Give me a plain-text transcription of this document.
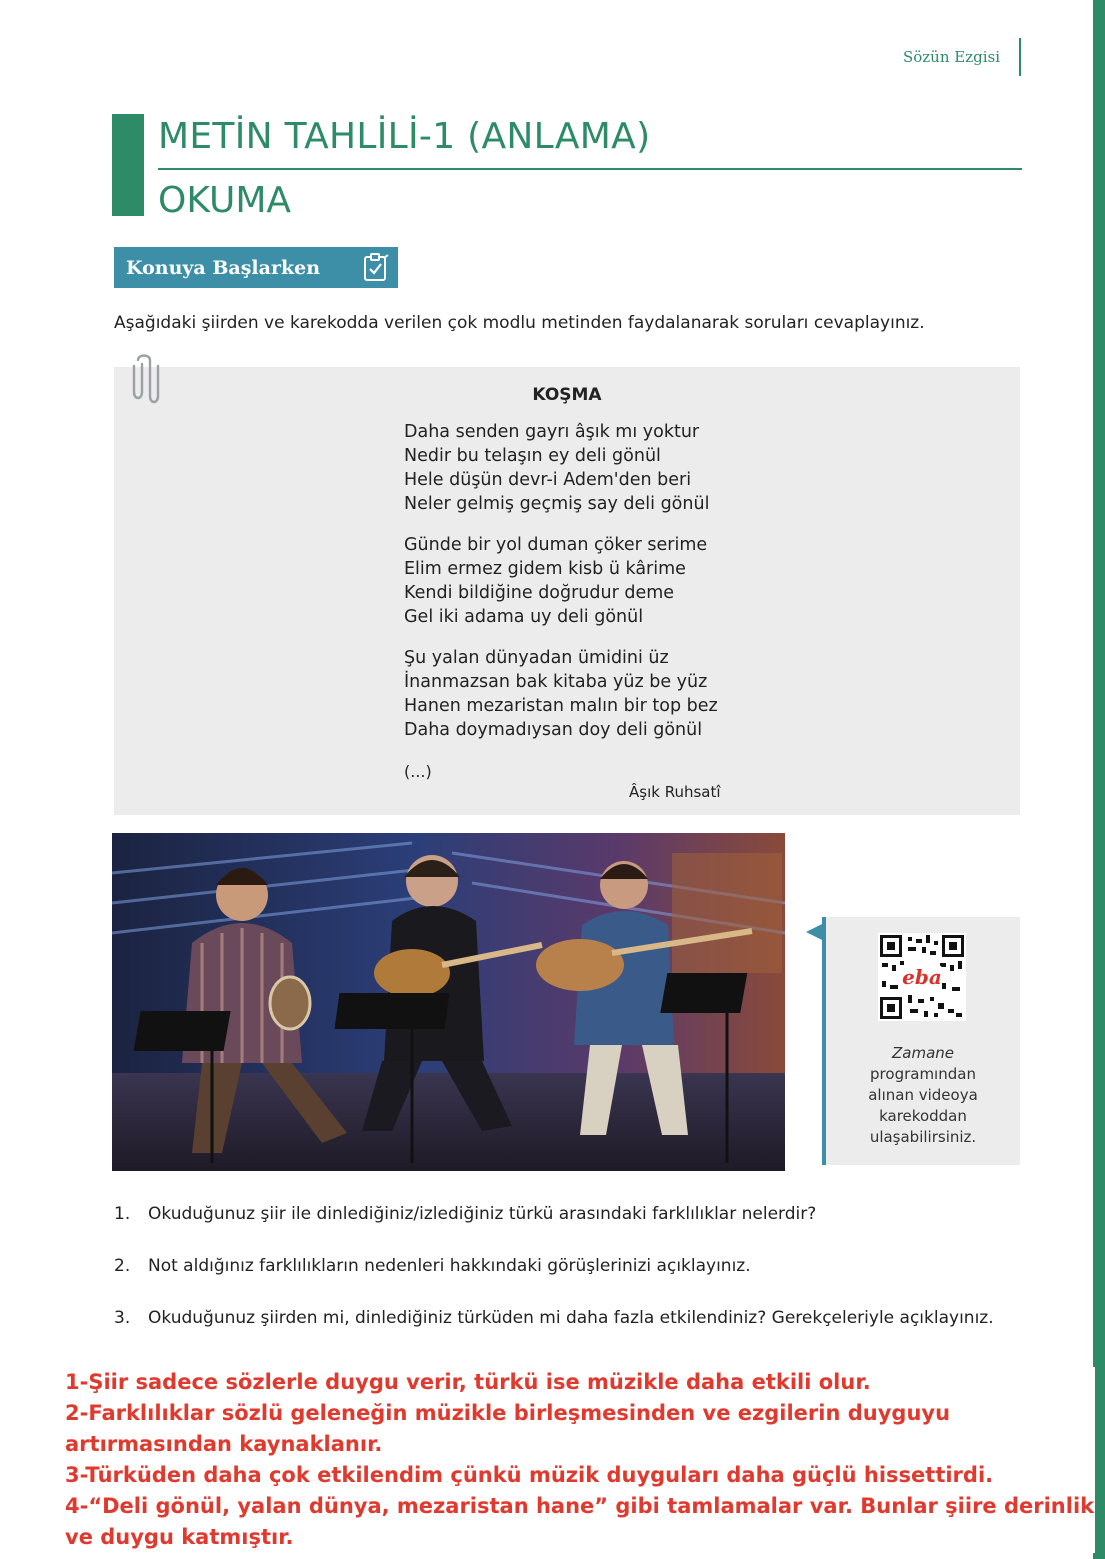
Sözün Ezgisi
METİN TAHLİLİ-1 (ANLAMA)
OKUMA
Konuya Başlarken
Aşağıdaki şiirden ve karekodda verilen çok modlu metinden faydalanarak soruları cevaplayınız.
KOŞMA
Daha senden gayrı âşık mı yoktur
Nedir bu telaşın ey deli gönül
Hele düşün devr-i Adem'den beri
Neler gelmiş geçmiş say deli gönül
Günde bir yol duman çöker serime
Elim ermez gidem kisb ü kârime
Kendi bildiğine doğrudur deme
Gel iki adama uy deli gönül
Şu yalan dünyadan ümidini üz
İnanmazsan bak kitaba yüz be yüz
Hanen mezaristan malın bir top bez
Daha doymadıysan doy deli gönül
(...)
Âşık Ruhsatî
eba
Zamane
programından
alınan videoya
karekoddan
ulaşabilirsiniz.
1. Okuduğunuz şiir ile dinlediğiniz/izlediğiniz türkü arasındaki farklılıklar nelerdir?
2. Not aldığınız farklılıkların nedenleri hakkındaki görüşlerinizi açıklayınız.
3. Okuduğunuz şiirden mi, dinlediğiniz türküden mi daha fazla etkilendiniz? Gerekçeleriyle açıklayınız.
1-Şiir sadece sözlerle duygu verir, türkü ise müzikle daha etkili olur.
2-Farklılıklar sözlü geleneğin müzikle birleşmesinden ve ezgilerin duyguyu artırmasından kaynaklanır.
3-Türküden daha çok etkilendim çünkü müzik duyguları daha güçlü hissettirdi.
4-“Deli gönül, yalan dünya, mezaristan hane” gibi tamlamalar var. Bunlar şiire derinlik ve duygu katmıştır.
